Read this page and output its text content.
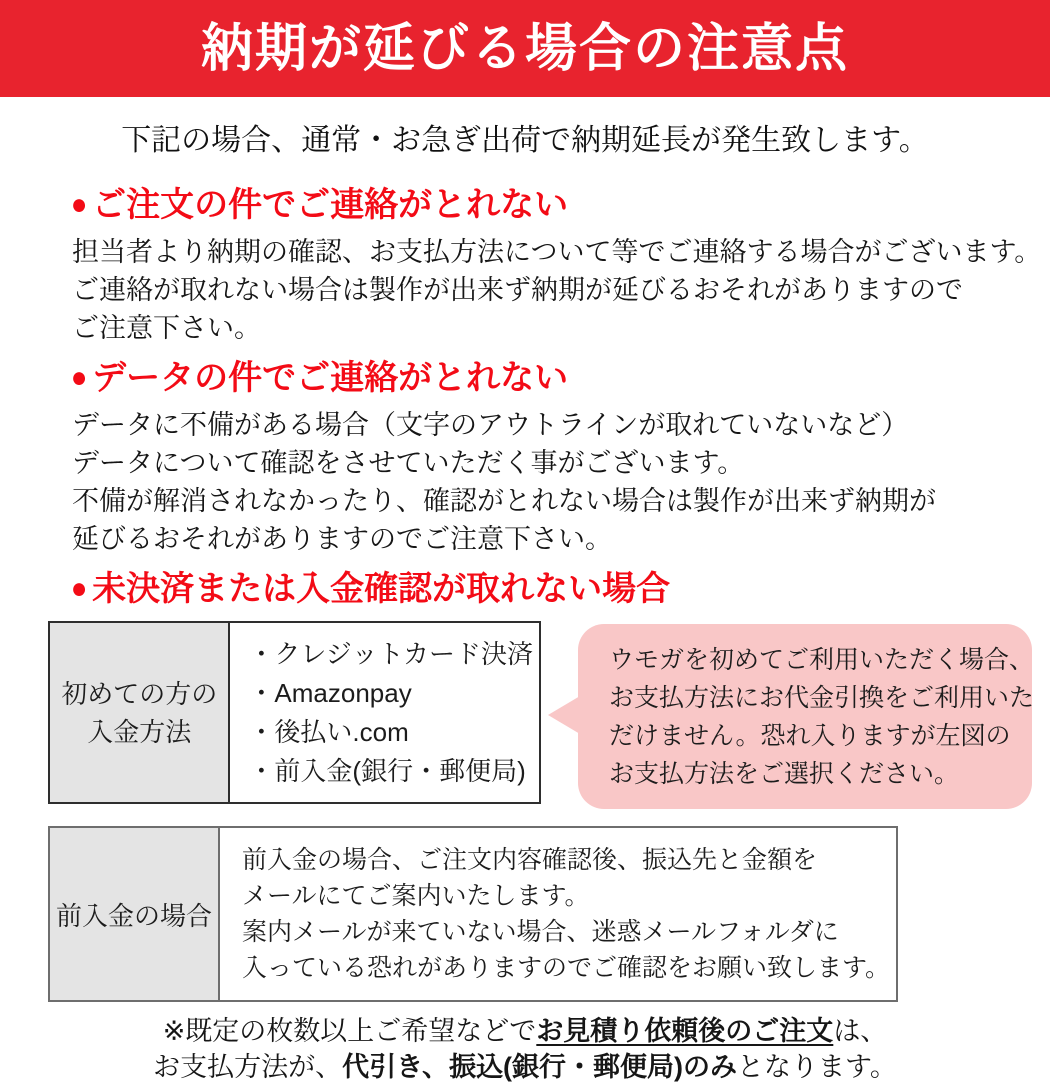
納期が延びる場合の注意点

下記の場合、通常・お急ぎ出荷で納期延長が発生致します。

● ご注文の件でご連絡がとれない

担当者より納期の確認、お支払方法について等でご連絡する場合がございます。

ご連絡が取れない場合は製作が出来ず納期が延びるおそれがありますので

ご注意下さい。

● データの件でご連絡がとれない

データに不備がある場合（文字のアウトラインが取れていないなど）

データについて確認をさせていただく事がございます。

不備が解消されなかったり、確認がとれない場合は製作が出来ず納期が

延びるおそれがありますのでご注意下さい。

● 未決済または入金確認が取れない場合
初めての方の
入金方法

・クレジットカード決済

・Amazonpay

・後払い.com

・前入金(銀行・郵便局)

ウモガを初めてご利用いただく場合、

お支払方法にお代金引換をご利用いた

だけません。恐れ入りますが左図の

お支払方法をご選択ください。

前入金の場合

前入金の場合、ご注文内容確認後、振込先と金額を

メールにてご案内いたします。

案内メールが来ていない場合、迷惑メールフォルダに

入っている恐れがありますのでご確認をお願い致します。

※既定の枚数以上ご希望などでお見積り依頼後のご注文は、

お支払方法が、代引き、振込(銀行・郵便局)のみとなります。
